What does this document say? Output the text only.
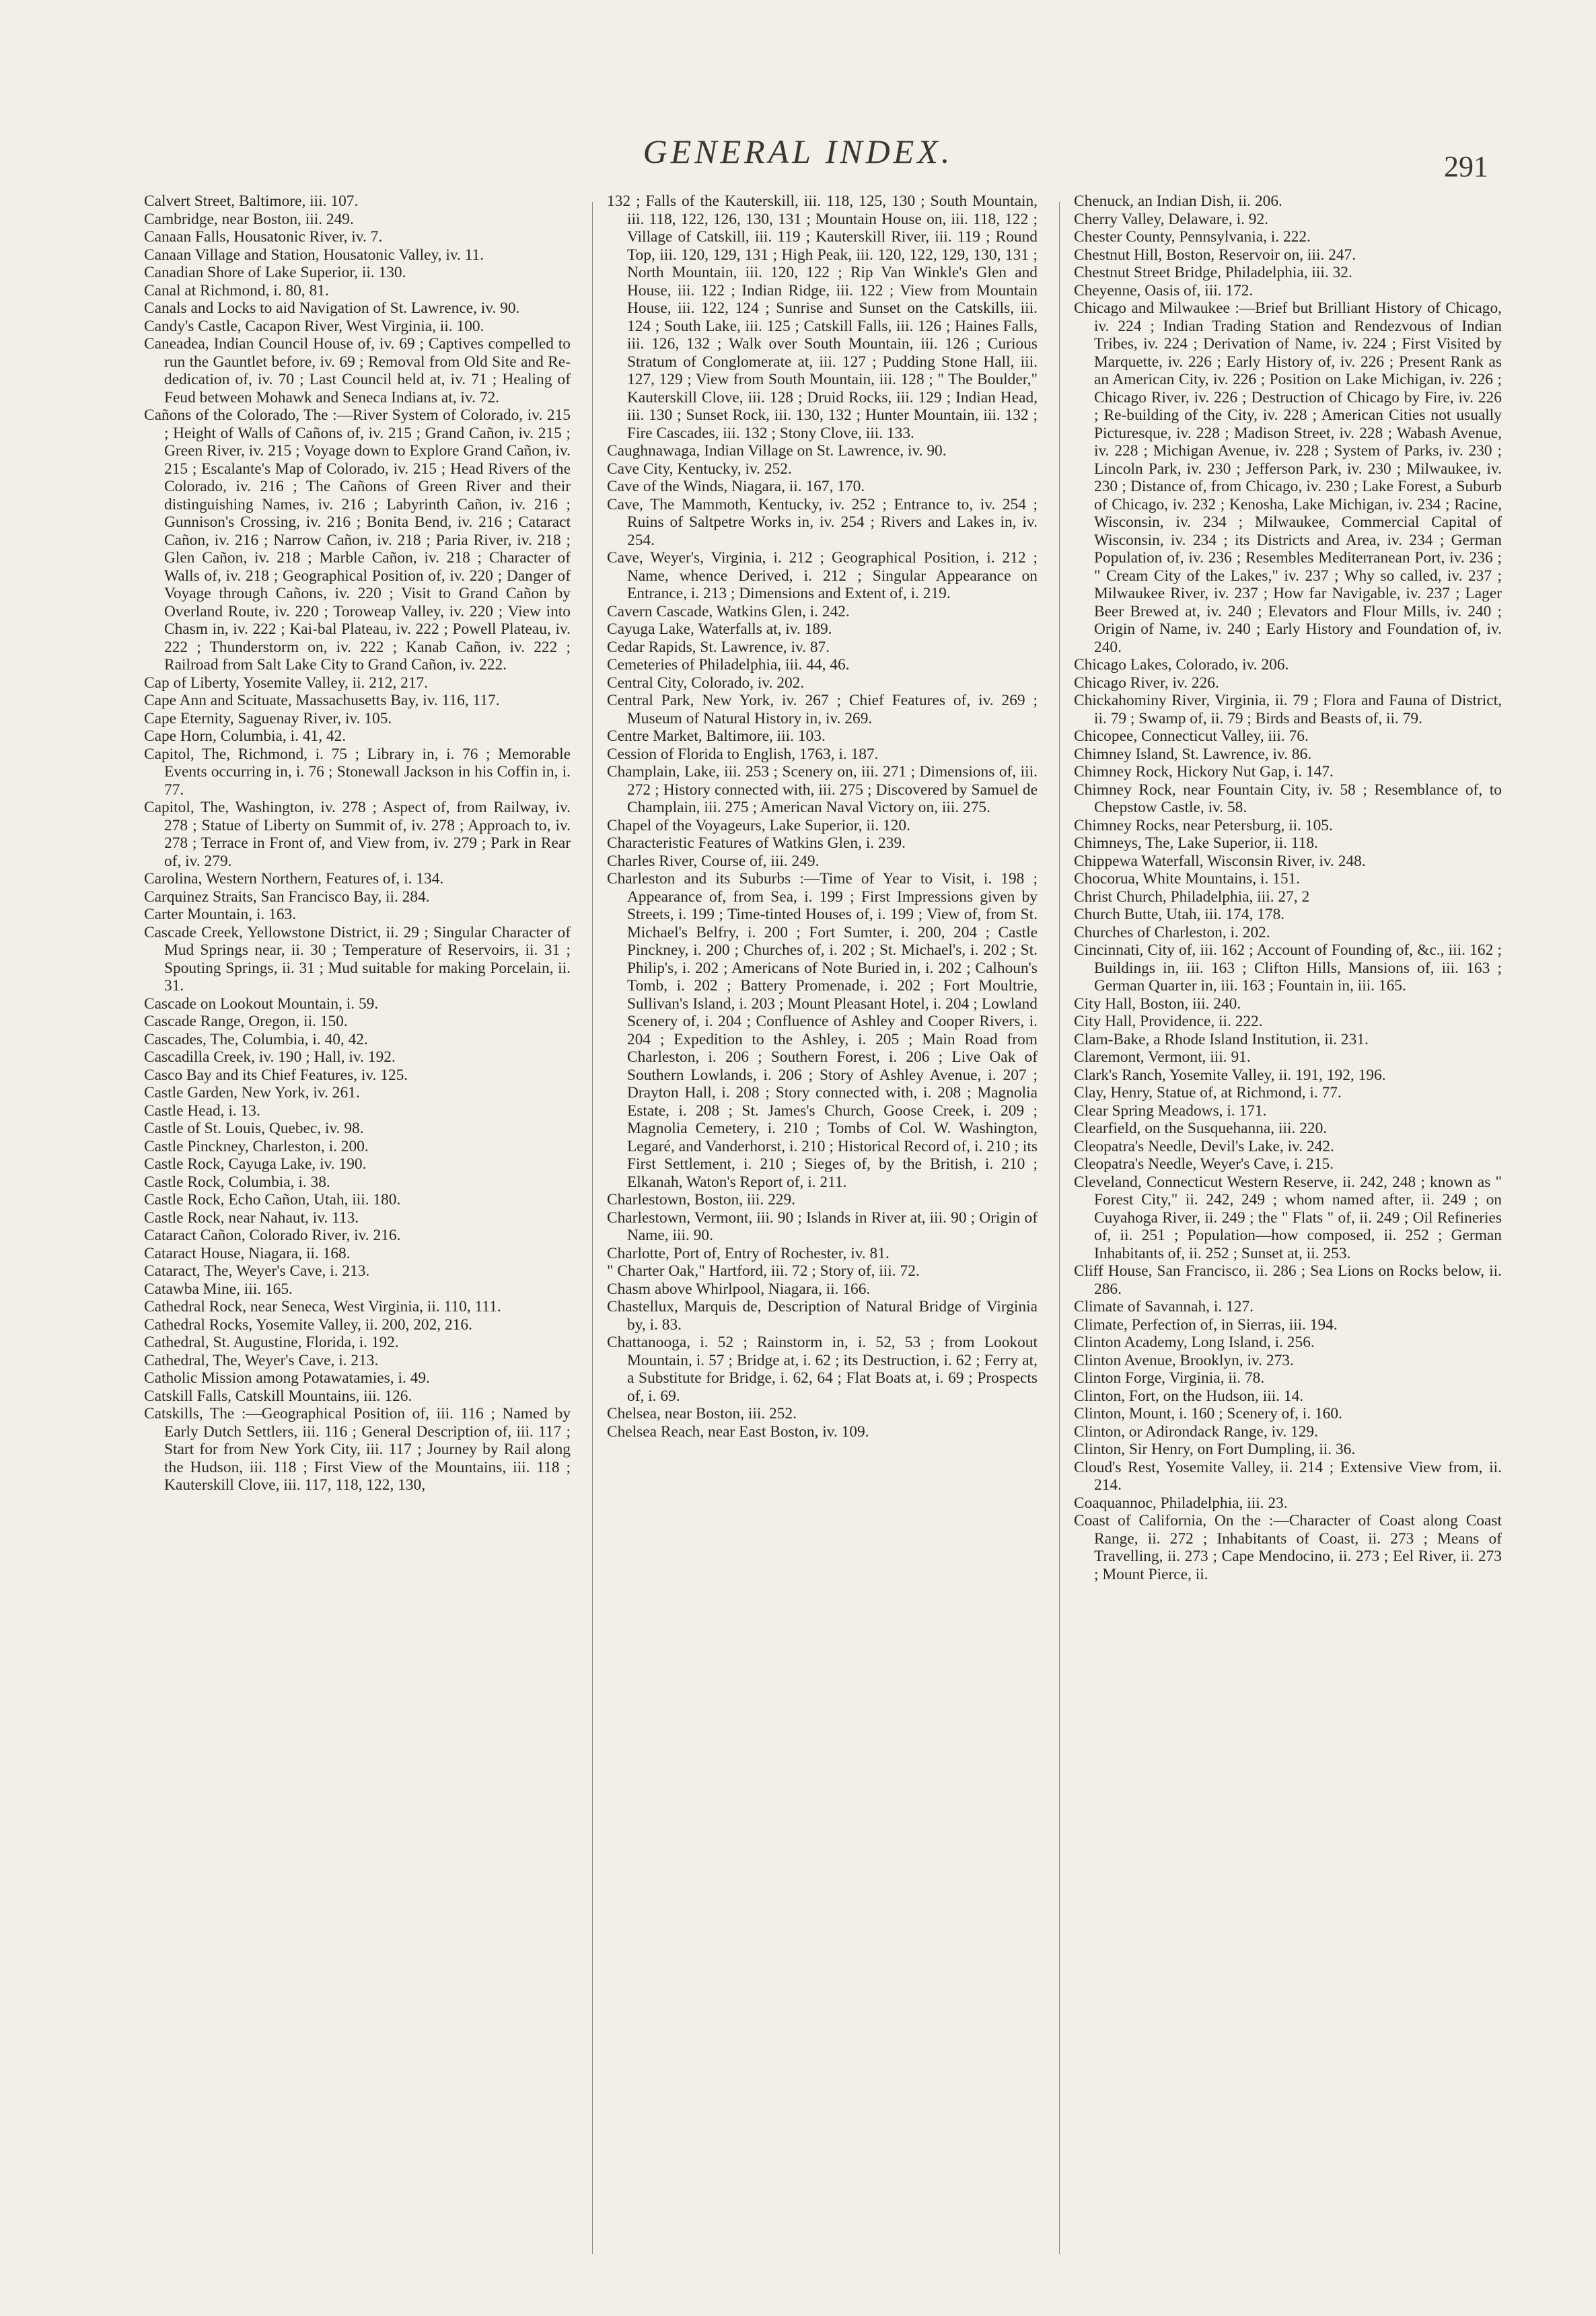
GENERAL INDEX.	291

Calvert Street, Baltimore, iii. 107.

Cambridge, near Boston, iii. 249.

Canaan Falls, Housatonic River, iv. 7.

Canaan Village and Station, Housatonic Valley, iv. 11.

Canadian Shore of Lake Superior, ii. 130.

Canal at Richmond, i. 80, 81.

Canals and Locks to aid Navigation of St. Lawrence, iv. 90.

Candy's Castle, Cacapon River, West Virginia, ii. 100.

Caneadea, Indian Council House of, iv. 69 ; Captives compelled to run the Gauntlet before, iv. 69 ; Removal from Old Site and Re-dedication of, iv. 70 ; Last Council held at, iv. 71 ; Healing of Feud between Mohawk and Seneca Indians at, iv. 72.

Cañons of the Colorado, The :—River System of Colorado, iv. 215 ; Height of Walls of Cañons of, iv. 215 ; Grand Cañon, iv. 215 ; Green River, iv. 215 ; Voyage down to Explore Grand Cañon, iv. 215 ; Escalante's Map of Colorado, iv. 215 ; Head Rivers of the Colorado, iv. 216 ; The Cañons of Green River and their distinguishing Names, iv. 216 ; Labyrinth Cañon, iv. 216 ; Gunnison's Crossing, iv. 216 ; Bonita Bend, iv. 216 ; Cataract Cañon, iv. 216 ; Narrow Cañon, iv. 218 ; Paria River, iv. 218 ; Glen Cañon, iv. 218 ; Marble Cañon, iv. 218 ; Character of Walls of, iv. 218 ; Geographical Position of, iv. 220 ; Danger of Voyage through Cañons, iv. 220 ; Visit to Grand Cañon by Overland Route, iv. 220 ; Toroweap Valley, iv. 220 ; View into Chasm in, iv. 222 ; Kai-bal Plateau, iv. 222 ; Powell Plateau, iv. 222 ; Thunderstorm on, iv. 222 ; Kanab Cañon, iv. 222 ; Railroad from Salt Lake City to Grand Cañon, iv. 222.

Cap of Liberty, Yosemite Valley, ii. 212, 217.

Cape Ann and Scituate, Massachusetts Bay, iv. 116, 117.

Cape Eternity, Saguenay River, iv. 105.

Cape Horn, Columbia, i. 41, 42.

Capitol, The, Richmond, i. 75 ; Library in, i. 76 ; Memorable Events occurring in, i. 76 ; Stonewall Jackson in his Coffin in, i. 77.

Capitol, The, Washington, iv. 278 ; Aspect of, from Railway, iv. 278 ; Statue of Liberty on Summit of, iv. 278 ; Approach to, iv. 278 ; Terrace in Front of, and View from, iv. 279 ; Park in Rear of, iv. 279.

Carolina, Western Northern, Features of, i. 134.

Carquinez Straits, San Francisco Bay, ii. 284.

Carter Mountain, i. 163.

Cascade Creek, Yellowstone District, ii. 29 ; Singular Character of Mud Springs near, ii. 30 ; Temperature of Reservoirs, ii. 31 ; Spouting Springs, ii. 31 ; Mud suitable for making Porcelain, ii. 31.

Cascade on Lookout Mountain, i. 59.

Cascade Range, Oregon, ii. 150.

Cascades, The, Columbia, i. 40, 42.

Cascadilla Creek, iv. 190 ; Hall, iv. 192.

Casco Bay and its Chief Features, iv. 125.

Castle Garden, New York, iv. 261.

Castle Head, i. 13.

Castle of St. Louis, Quebec, iv. 98.

Castle Pinckney, Charleston, i. 200.

Castle Rock, Cayuga Lake, iv. 190.

Castle Rock, Columbia, i. 38.

Castle Rock, Echo Cañon, Utah, iii. 180.

Castle Rock, near Nahaut, iv. 113.

Cataract Cañon, Colorado River, iv. 216.

Cataract House, Niagara, ii. 168.

Cataract, The, Weyer's Cave, i. 213.

Catawba Mine, iii. 165.

Cathedral Rock, near Seneca, West Virginia, ii. 110, 111.

Cathedral Rocks, Yosemite Valley, ii. 200, 202, 216.

Cathedral, St. Augustine, Florida, i. 192.

Cathedral, The, Weyer's Cave, i. 213.

Catholic Mission among Potawatamies, i. 49.

Catskill Falls, Catskill Mountains, iii. 126.

Catskills, The :—Geographical Position of, iii. 116 ; Named by Early Dutch Settlers, iii. 116 ; General Description of, iii. 117 ; Start for from New York City, iii. 117 ; Journey by Rail along the Hudson, iii. 118 ; First View of the Mountains, iii. 118 ; Kauterskill Clove, iii. 117, 118, 122, 130,

132 ; Falls of the Kauterskill, iii. 118, 125, 130 ; South Mountain, iii. 118, 122, 126, 130, 131 ; Mountain House on, iii. 118, 122 ; Village of Catskill, iii. 119 ; Kauterskill River, iii. 119 ; Round Top, iii. 120, 129, 131 ; High Peak, iii. 120, 122, 129, 130, 131 ; North Mountain, iii. 120, 122 ; Rip Van Winkle's Glen and House, iii. 122 ; Indian Ridge, iii. 122 ; View from Mountain House, iii. 122, 124 ; Sunrise and Sunset on the Catskills, iii. 124 ; South Lake, iii. 125 ; Catskill Falls, iii. 126 ; Haines Falls, iii. 126, 132 ; Walk over South Mountain, iii. 126 ; Curious Stratum of Conglomerate at, iii. 127 ; Pudding Stone Hall, iii. 127, 129 ; View from South Mountain, iii. 128 ; " The Boulder," Kauterskill Clove, iii. 128 ; Druid Rocks, iii. 129 ; Indian Head, iii. 130 ; Sunset Rock, iii. 130, 132 ; Hunter Mountain, iii. 132 ; Fire Cascades, iii. 132 ; Stony Clove, iii. 133.

Caughnawaga, Indian Village on St. Lawrence, iv. 90.

Cave City, Kentucky, iv. 252.

Cave of the Winds, Niagara, ii. 167, 170.

Cave, The Mammoth, Kentucky, iv. 252 ; Entrance to, iv. 254 ; Ruins of Saltpetre Works in, iv. 254 ; Rivers and Lakes in, iv. 254.

Cave, Weyer's, Virginia, i. 212 ; Geographical Position, i. 212 ; Name, whence Derived, i. 212 ; Singular Appearance on Entrance, i. 213 ; Dimensions and Extent of, i. 219.

Cavern Cascade, Watkins Glen, i. 242.

Cayuga Lake, Waterfalls at, iv. 189.

Cedar Rapids, St. Lawrence, iv. 87.

Cemeteries of Philadelphia, iii. 44, 46.

Central City, Colorado, iv. 202.

Central Park, New York, iv. 267 ; Chief Features of, iv. 269 ; Museum of Natural History in, iv. 269.

Centre Market, Baltimore, iii. 103.

Cession of Florida to English, 1763, i. 187.

Champlain, Lake, iii. 253 ; Scenery on, iii. 271 ; Dimensions of, iii. 272 ; History connected with, iii. 275 ; Discovered by Samuel de Champlain, iii. 275 ; American Naval Victory on, iii. 275.

Chapel of the Voyageurs, Lake Superior, ii. 120.

Characteristic Features of Watkins Glen, i. 239.

Charles River, Course of, iii. 249.

Charleston and its Suburbs :—Time of Year to Visit, i. 198 ; Appearance of, from Sea, i. 199 ; First Impressions given by Streets, i. 199 ; Time-tinted Houses of, i. 199 ; View of, from St. Michael's Belfry, i. 200 ; Fort Sumter, i. 200, 204 ; Castle Pinckney, i. 200 ; Churches of, i. 202 ; St. Michael's, i. 202 ; St. Philip's, i. 202 ; Americans of Note Buried in, i. 202 ; Calhoun's Tomb, i. 202 ; Battery Promenade, i. 202 ; Fort Moultrie, Sullivan's Island, i. 203 ; Mount Pleasant Hotel, i. 204 ; Lowland Scenery of, i. 204 ; Confluence of Ashley and Cooper Rivers, i. 204 ; Expedition to the Ashley, i. 205 ; Main Road from Charleston, i. 206 ; Southern Forest, i. 206 ; Live Oak of Southern Lowlands, i. 206 ; Story of Ashley Avenue, i. 207 ; Drayton Hall, i. 208 ; Story connected with, i. 208 ; Magnolia Estate, i. 208 ; St. James's Church, Goose Creek, i. 209 ; Magnolia Cemetery, i. 210 ; Tombs of Col. W. Washington, Legaré, and Vanderhorst, i. 210 ; Historical Record of, i. 210 ; its First Settlement, i. 210 ; Sieges of, by the British, i. 210 ; Elkanah, Waton's Report of, i. 211.

Charlestown, Boston, iii. 229.

Charlestown, Vermont, iii. 90 ; Islands in River at, iii. 90 ; Origin of Name, iii. 90.

Charlotte, Port of, Entry of Rochester, iv. 81.

" Charter Oak," Hartford, iii. 72 ; Story of, iii. 72.

Chasm above Whirlpool, Niagara, ii. 166.

Chastellux, Marquis de, Description of Natural Bridge of Virginia by, i. 83.

Chattanooga, i. 52 ; Rainstorm in, i. 52, 53 ; from Lookout Mountain, i. 57 ; Bridge at, i. 62 ; its Destruction, i. 62 ; Ferry at, a Substitute for Bridge, i. 62, 64 ; Flat Boats at, i. 69 ; Prospects of, i. 69.

Chelsea, near Boston, iii. 252.

Chelsea Reach, near East Boston, iv. 109.

Chenuck, an Indian Dish, ii. 206.

Cherry Valley, Delaware, i. 92.

Chester County, Pennsylvania, i. 222.

Chestnut Hill, Boston, Reservoir on, iii. 247.

Chestnut Street Bridge, Philadelphia, iii. 32.

Cheyenne, Oasis of, iii. 172.

Chicago and Milwaukee :—Brief but Brilliant History of Chicago, iv. 224 ; Indian Trading Station and Rendezvous of Indian Tribes, iv. 224 ; Derivation of Name, iv. 224 ; First Visited by Marquette, iv. 226 ; Early History of, iv. 226 ; Present Rank as an American City, iv. 226 ; Position on Lake Michigan, iv. 226 ; Chicago River, iv. 226 ; Destruction of Chicago by Fire, iv. 226 ; Re-building of the City, iv. 228 ; American Cities not usually Picturesque, iv. 228 ; Madison Street, iv. 228 ; Wabash Avenue, iv. 228 ; Michigan Avenue, iv. 228 ; System of Parks, iv. 230 ; Lincoln Park, iv. 230 ; Jefferson Park, iv. 230 ; Milwaukee, iv. 230 ; Distance of, from Chicago, iv. 230 ; Lake Forest, a Suburb of Chicago, iv. 232 ; Kenosha, Lake Michigan, iv. 234 ; Racine, Wisconsin, iv. 234 ; Milwaukee, Commercial Capital of Wisconsin, iv. 234 ; its Districts and Area, iv. 234 ; German Population of, iv. 236 ; Resembles Mediterranean Port, iv. 236 ; " Cream City of the Lakes," iv. 237 ; Why so called, iv. 237 ; Milwaukee River, iv. 237 ; How far Navigable, iv. 237 ; Lager Beer Brewed at, iv. 240 ; Elevators and Flour Mills, iv. 240 ; Origin of Name, iv. 240 ; Early History and Foundation of, iv. 240.

Chicago Lakes, Colorado, iv. 206.

Chicago River, iv. 226.

Chickahominy River, Virginia, ii. 79 ; Flora and Fauna of District, ii. 79 ; Swamp of, ii. 79 ; Birds and Beasts of, ii. 79.

Chicopee, Connecticut Valley, iii. 76.

Chimney Island, St. Lawrence, iv. 86.

Chimney Rock, Hickory Nut Gap, i. 147.

Chimney Rock, near Fountain City, iv. 58 ; Resemblance of, to Chepstow Castle, iv. 58.

Chimney Rocks, near Petersburg, ii. 105.

Chimneys, The, Lake Superior, ii. 118.

Chippewa Waterfall, Wisconsin River, iv. 248.

Chocorua, White Mountains, i. 151.

Christ Church, Philadelphia, iii. 27, 2

Church Butte, Utah, iii. 174, 178.

Churches of Charleston, i. 202.

Cincinnati, City of, iii. 162 ; Account of Founding of, &c., iii. 162 ; Buildings in, iii. 163 ; Clifton Hills, Mansions of, iii. 163 ; German Quarter in, iii. 163 ; Fountain in, iii. 165.

City Hall, Boston, iii. 240.

City Hall, Providence, ii. 222.

Clam-Bake, a Rhode Island Institution, ii. 231.

Claremont, Vermont, iii. 91.

Clark's Ranch, Yosemite Valley, ii. 191, 192, 196.

Clay, Henry, Statue of, at Richmond, i. 77.

Clear Spring Meadows, i. 171.

Clearfield, on the Susquehanna, iii. 220.

Cleopatra's Needle, Devil's Lake, iv. 242.

Cleopatra's Needle, Weyer's Cave, i. 215.

Cleveland, Connecticut Western Reserve, ii. 242, 248 ; known as " Forest City," ii. 242, 249 ; whom named after, ii. 249 ; on Cuyahoga River, ii. 249 ; the " Flats " of, ii. 249 ; Oil Refineries of, ii. 251 ; Population—how composed, ii. 252 ; German Inhabitants of, ii. 252 ; Sunset at, ii. 253.

Cliff House, San Francisco, ii. 286 ; Sea Lions on Rocks below, ii. 286.

Climate of Savannah, i. 127.

Climate, Perfection of, in Sierras, iii. 194.

Clinton Academy, Long Island, i. 256.

Clinton Avenue, Brooklyn, iv. 273.

Clinton Forge, Virginia, ii. 78.

Clinton, Fort, on the Hudson, iii. 14.

Clinton, Mount, i. 160 ; Scenery of, i. 160.

Clinton, or Adirondack Range, iv. 129.

Clinton, Sir Henry, on Fort Dumpling, ii. 36.

Cloud's Rest, Yosemite Valley, ii. 214 ; Extensive View from, ii. 214.

Coaquannoc, Philadelphia, iii. 23.

Coast of California, On the :—Character of Coast along Coast Range, ii. 272 ; Inhabitants of Coast, ii. 273 ; Means of Travelling, ii. 273 ; Cape Mendocino, ii. 273 ; Eel River, ii. 273 ; Mount Pierce, ii.
